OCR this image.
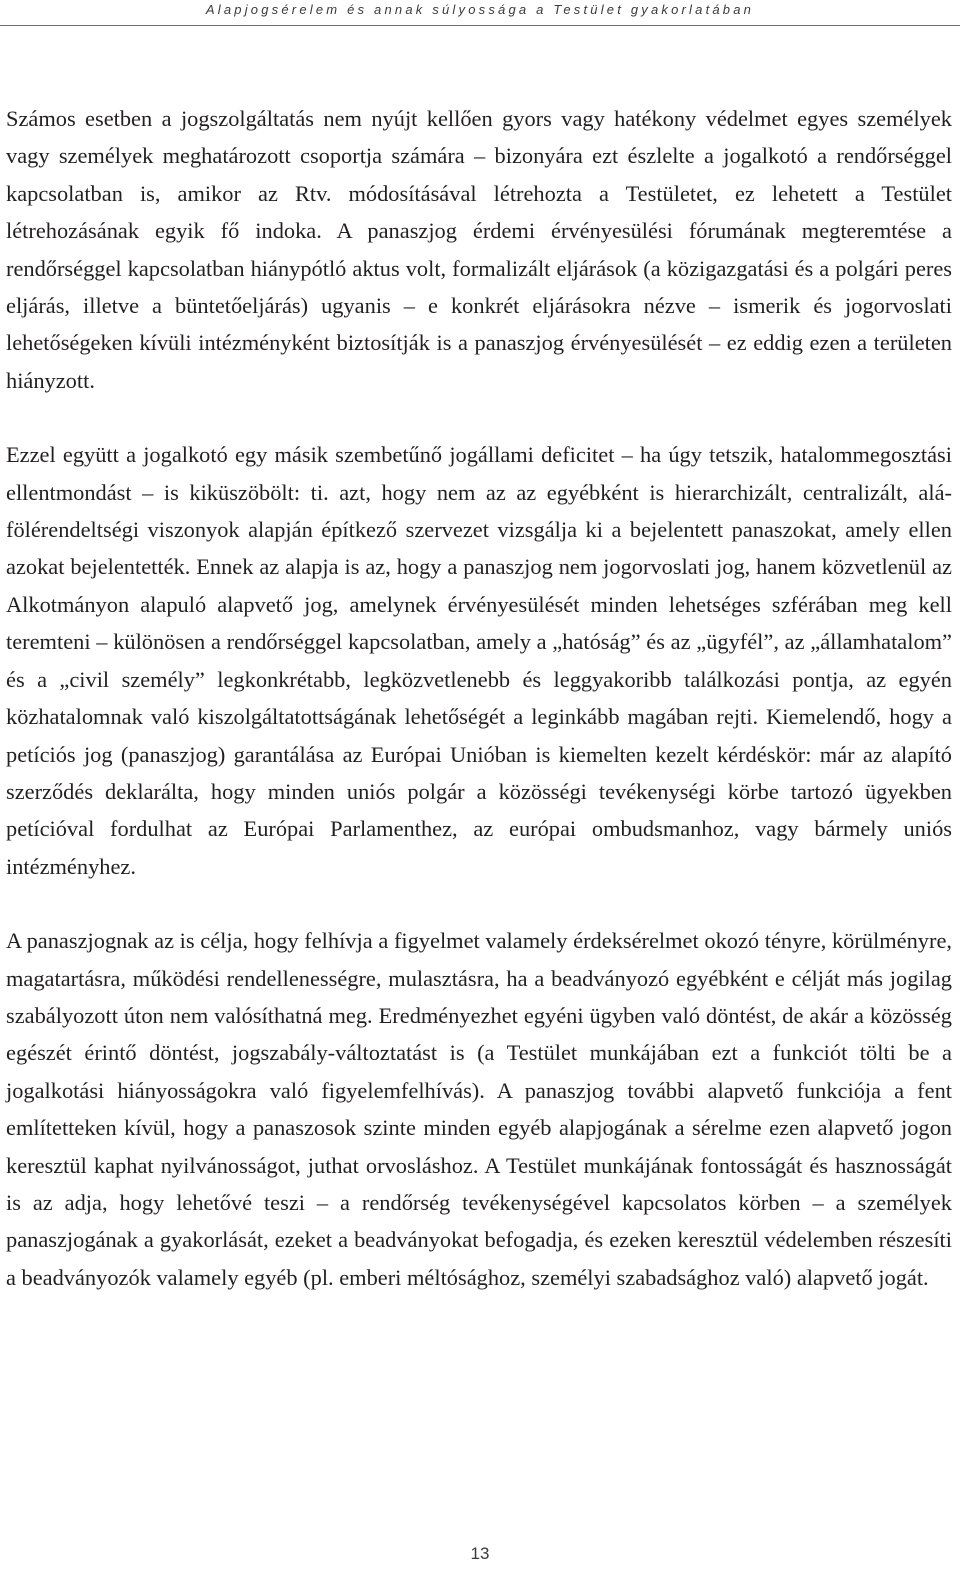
Alapjogsérelem és annak súlyossága a Testület gyakorlatában

Számos esetben a jogszolgáltatás nem nyújt kellően gyors vagy hatékony védelmet egyes személyek vagy személyek meghatározott csoportja számára – bizonyára ezt észlelte a jogalkotó a rendőrséggel kapcsolatban is, amikor az Rtv. módosításával létrehozta a Testületet, ez lehetett a Testület létrehozásának egyik fő indoka. A panaszjog érdemi érvényesülési fórumának megteremtése a rendőrséggel kapcsolatban hiánypótló aktus volt, formalizált eljárások (a közigazgatási és a polgári peres eljárás, illetve a büntetőeljárás) ugyanis – e konkrét eljárásokra nézve – ismerik és jogorvoslati lehetőségeken kívüli intézményként biztosítják is a panaszjog érvényesülését – ez eddig ezen a területen hiányzott.

Ezzel együtt a jogalkotó egy másik szembetűnő jogállami deficitet – ha úgy tetszik, hatalommegosztási ellentmondást – is kiküszöbölt: ti. azt, hogy nem az az egyébként is hierarchizált, centralizált, alá-fölérendeltségi viszonyok alapján építkező szervezet vizsgálja ki a bejelentett panaszokat, amely ellen azokat bejelentették. Ennek az alapja is az, hogy a panaszjog nem jogorvoslati jog, hanem közvetlenül az Alkotmányon alapuló alapvető jog, amelynek érvényesülését minden lehetséges szférában meg kell teremteni – különösen a rendőrséggel kapcsolatban, amely a „hatóság” és az „ügyfél”, az „államhatalom” és a „civil személy” legkonkrétabb, legközvetlenebb és leggyakoribb találkozási pontja, az egyén közhatalomnak való kiszolgáltatottságának lehetőségét a leginkább magában rejti. Kiemelendő, hogy a petíciós jog (panaszjog) garantálása az Európai Unióban is kiemelten kezelt kérdéskör: már az alapító szerződés deklarálta, hogy minden uniós polgár a közösségi tevékenységi körbe tartozó ügyekben petícióval fordulhat az Európai Parlamenthez, az európai ombudsmanhoz, vagy bármely uniós intézményhez.

A panaszjognak az is célja, hogy felhívja a figyelmet valamely érdeksérelmet okozó tényre, körülményre, magatartásra, működési rendellenességre, mulasztásra, ha a beadványozó egyébként e célját más jogilag szabályozott úton nem valósíthatná meg. Eredményezhet egyéni ügyben való döntést, de akár a közösség egészét érintő döntést, jogszabály-változtatást is (a Testület munkájában ezt a funkciót tölti be a jogalkotási hiányosságokra való figyelemfelhívás). A panaszjog további alapvető funkciója a fent említetteken kívül, hogy a panaszosok szinte minden egyéb alapjogának a sérelme ezen alapvető jogon keresztül kaphat nyilvánosságot, juthat orvosláshoz. A Testület munkájának fontosságát és hasznosságát is az adja, hogy lehetővé teszi – a rendőrség tevékenységével kapcsolatos körben – a személyek panaszjogának a gyakorlását, ezeket a beadványokat befogadja, és ezeken keresztül védelemben részesíti a beadványozók valamely egyéb (pl. emberi méltósághoz, személyi szabadsághoz való) alapvető jogát.

13
